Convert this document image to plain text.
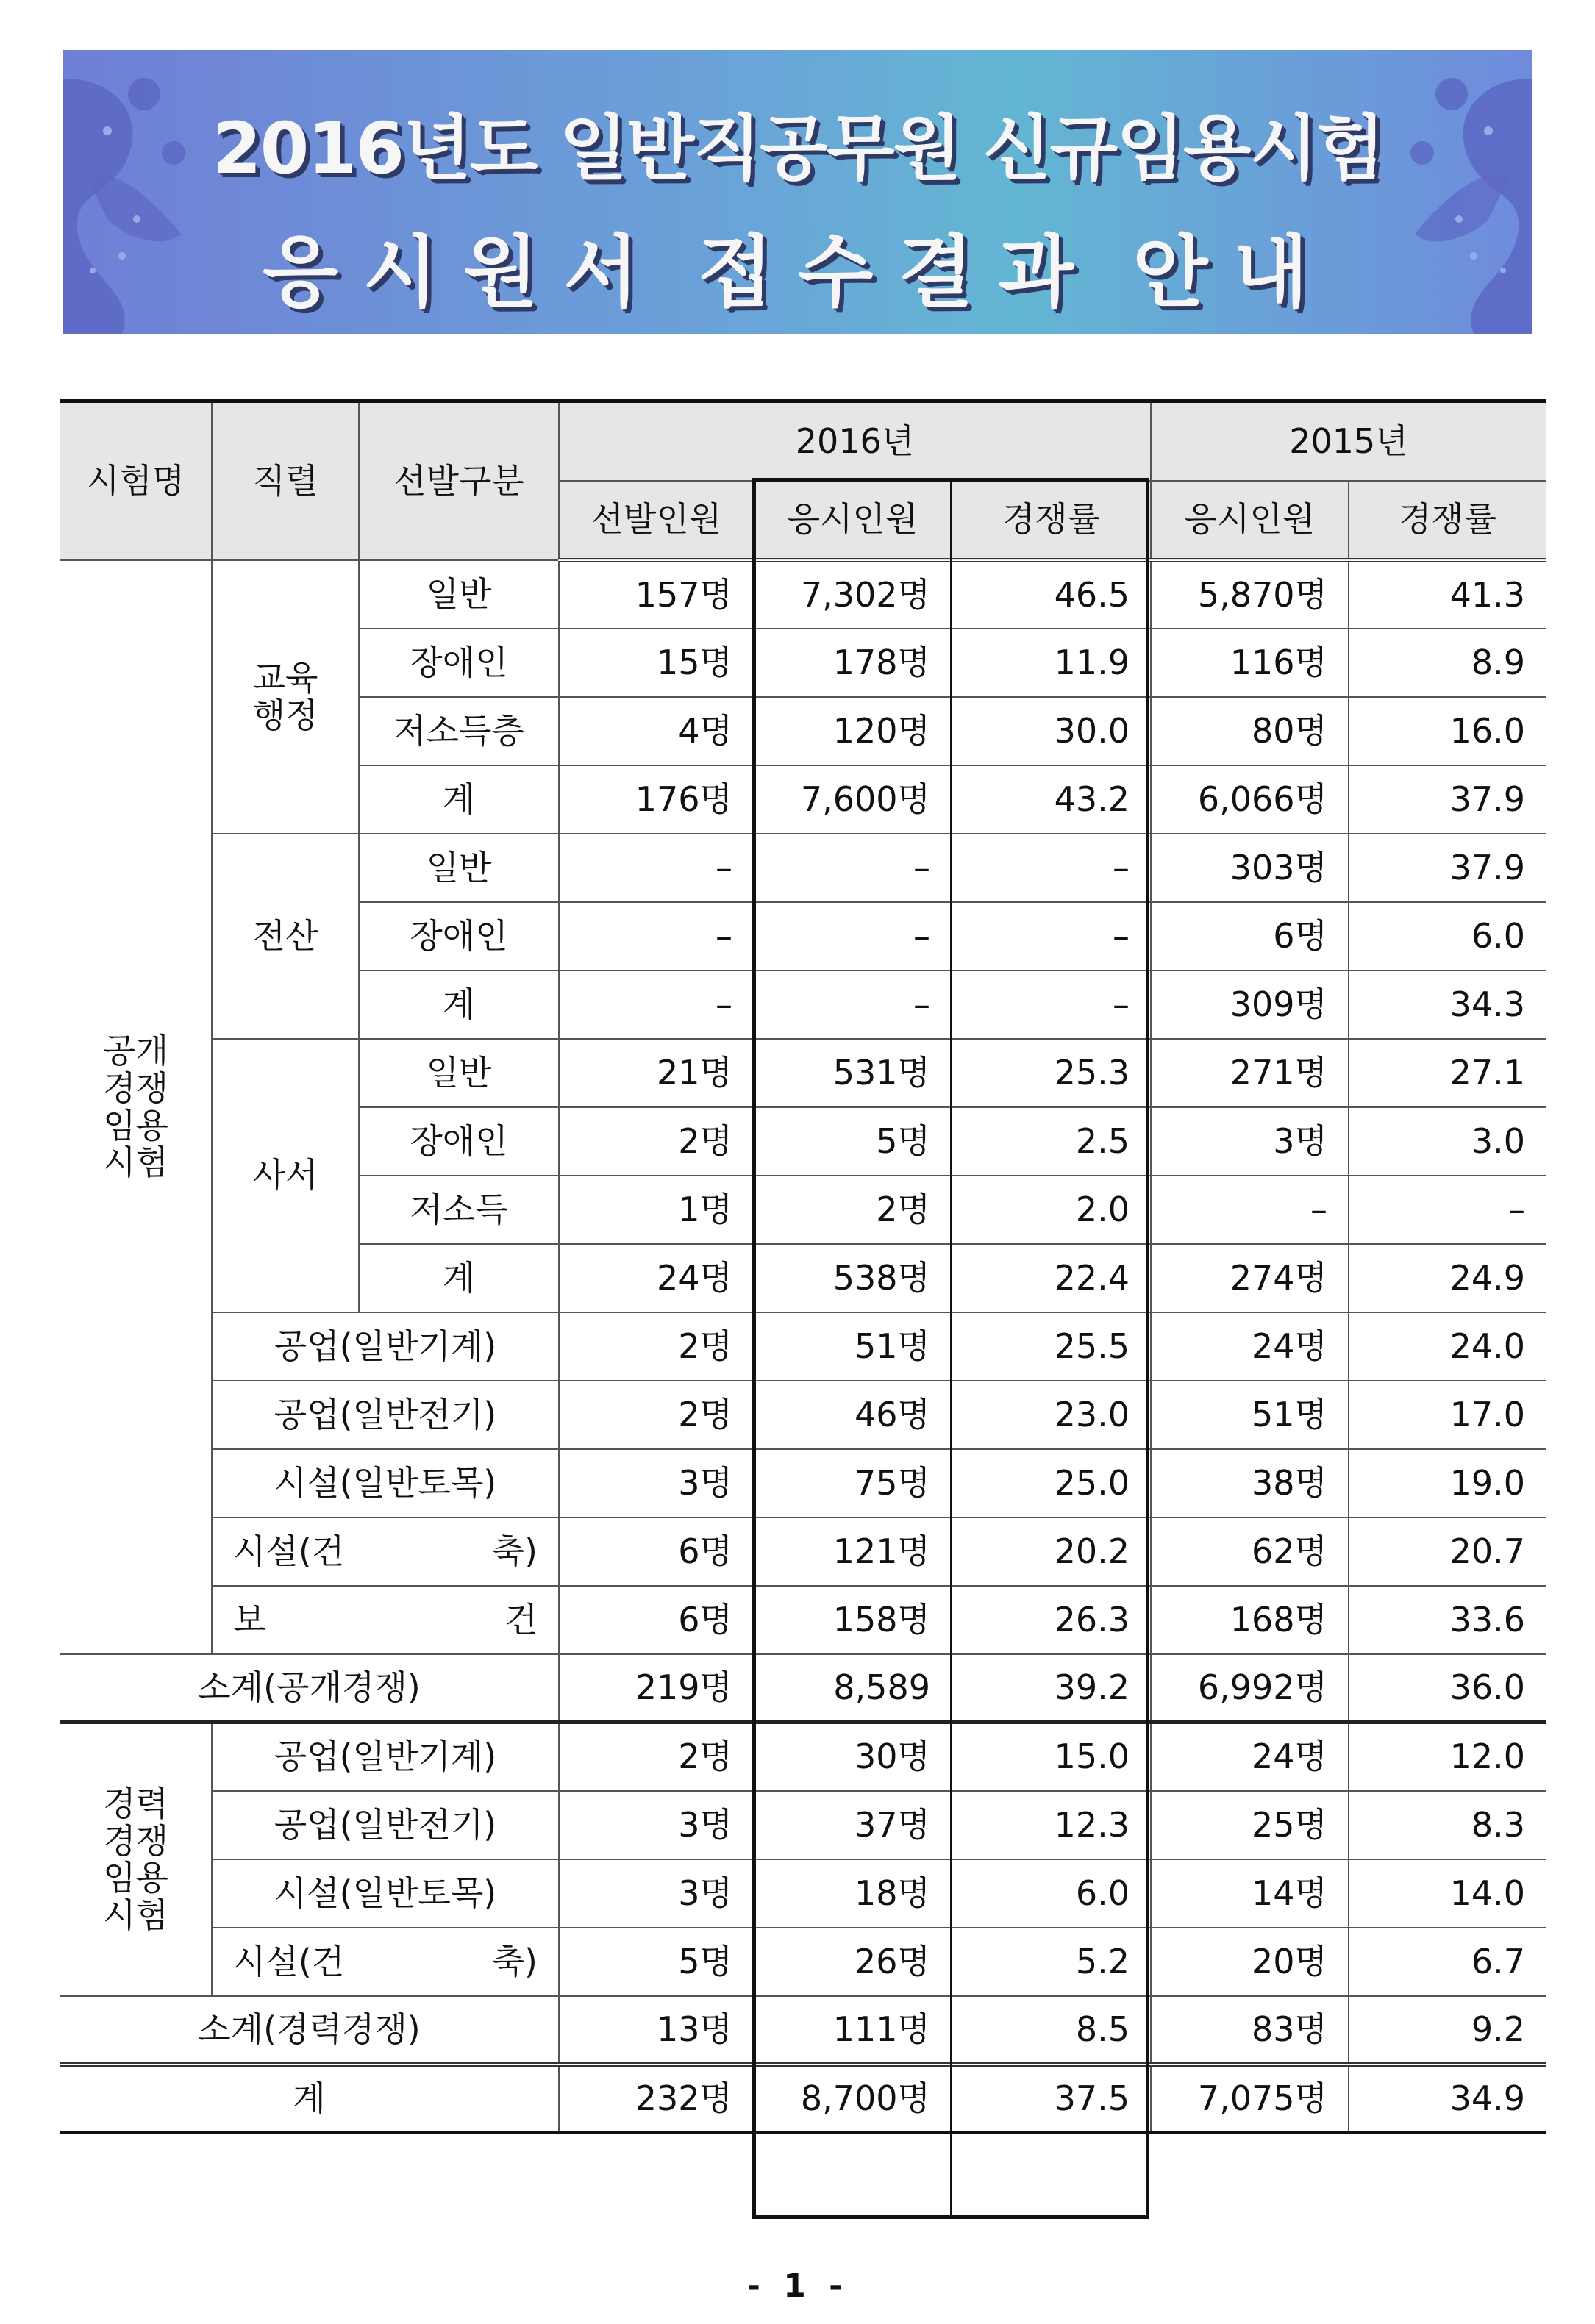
2016년도 일반직공무원 신규임용시험
응시원서 접수결과 안내
시험명	직렬	선발구분	2016년			2015년	
			선발인원	응시인원	경쟁률	응시인원	경쟁률
공개경쟁임용시험	교육행정	일반	157명	7,302명	46.5	5,870명	41.3
		장애인	15명	178명	11.9	116명	8.9
		저소득층	4명	120명	30.0	80명	16.0
		계	176명	7,600명	43.2	6,066명	37.9
	전산	일반	–	–	–	303명	37.9
		장애인	–	–	–	6명	6.0
		계	–	–	–	309명	34.3
	사서	일반	21명	531명	25.3	271명	27.1
		장애인	2명	5명	2.5	3명	3.0
		저소득	1명	2명	2.0	–	–
		계	24명	538명	22.4	274명	24.9
	공업(일반기계)		2명	51명	25.5	24명	24.0
	공업(일반전기)		2명	46명	23.0	51명	17.0
	시설(일반토목)		3명	75명	25.0	38명	19.0

	시설(건 축)		6명	121명	20.2	62명	20.7

	보 건		6명	158명	26.3	168명	33.6
소계(공개경쟁)			219명	8,589	39.2	6,992명	36.0
경력경쟁임용시험	공업(일반기계)		2명	30명	15.0	24명	12.0
	공업(일반전기)		3명	37명	12.3	25명	8.3
	시설(일반토목)		3명	18명	6.0	14명	14.0

	시설(건 축)		5명	26명	5.2	20명	6.7
소계(경력경쟁)			13명	111명	8.5	83명	9.2
계			232명	8,700명	37.5	7,075명	34.9
- 1 -
